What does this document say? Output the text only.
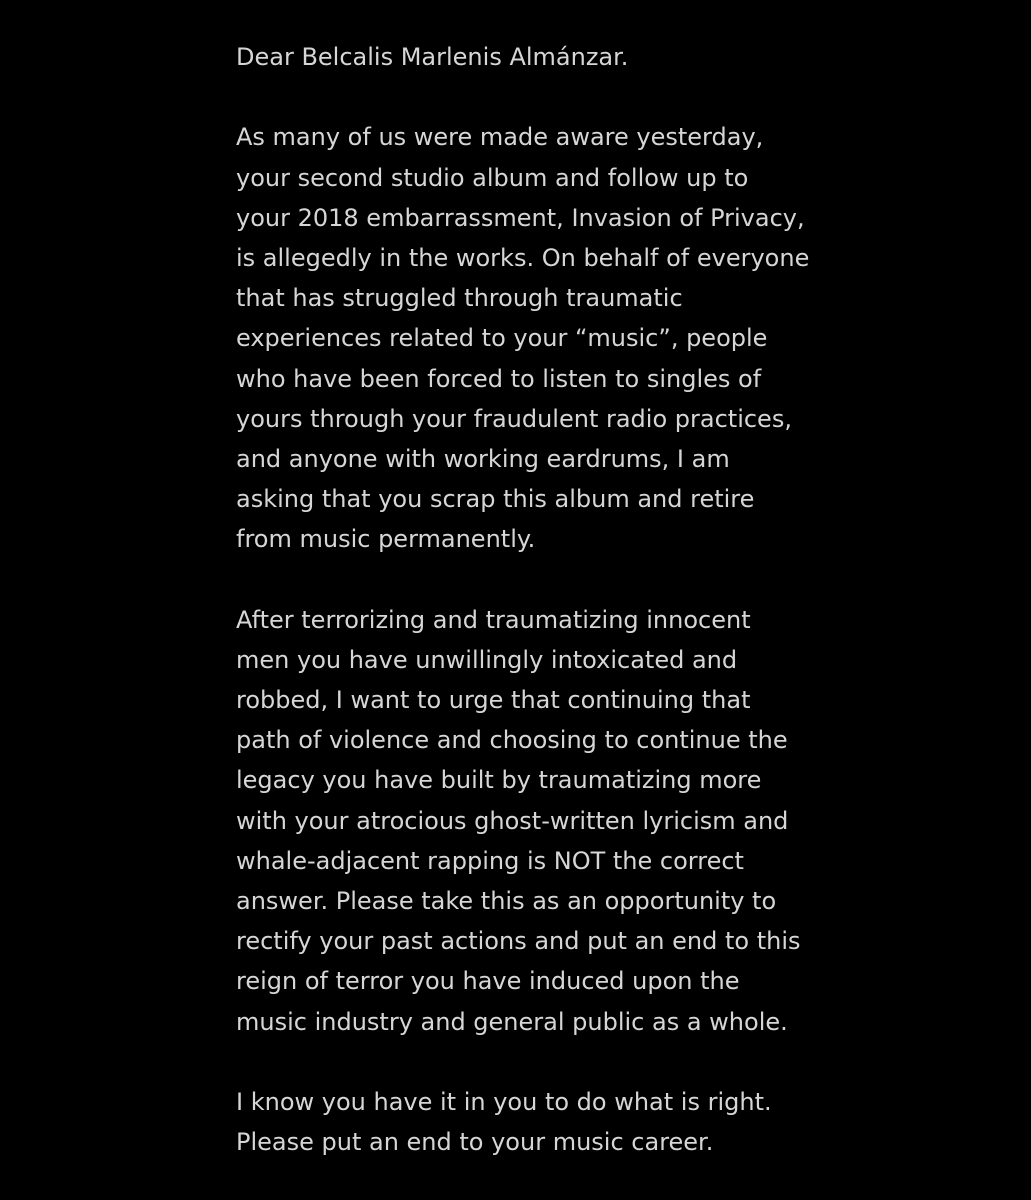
Dear Belcalis Marlenis Almánzar.
As many of us were made aware yesterday,
your second studio album and follow up to
your 2018 embarrassment, Invasion of Privacy,
is allegedly in the works. On behalf of everyone
that has struggled through traumatic
experiences related to your “music”, people
who have been forced to listen to singles of
yours through your fraudulent radio practices,
and anyone with working eardrums, I am
asking that you scrap this album and retire
from music permanently.
After terrorizing and traumatizing innocent
men you have unwillingly intoxicated and
robbed, I want to urge that continuing that
path of violence and choosing to continue the
legacy you have built by traumatizing more
with your atrocious ghost-written lyricism and
whale-adjacent rapping is NOT the correct
answer. Please take this as an opportunity to
rectify your past actions and put an end to this
reign of terror you have induced upon the
music industry and general public as a whole.
I know you have it in you to do what is right.
Please put an end to your music career.
